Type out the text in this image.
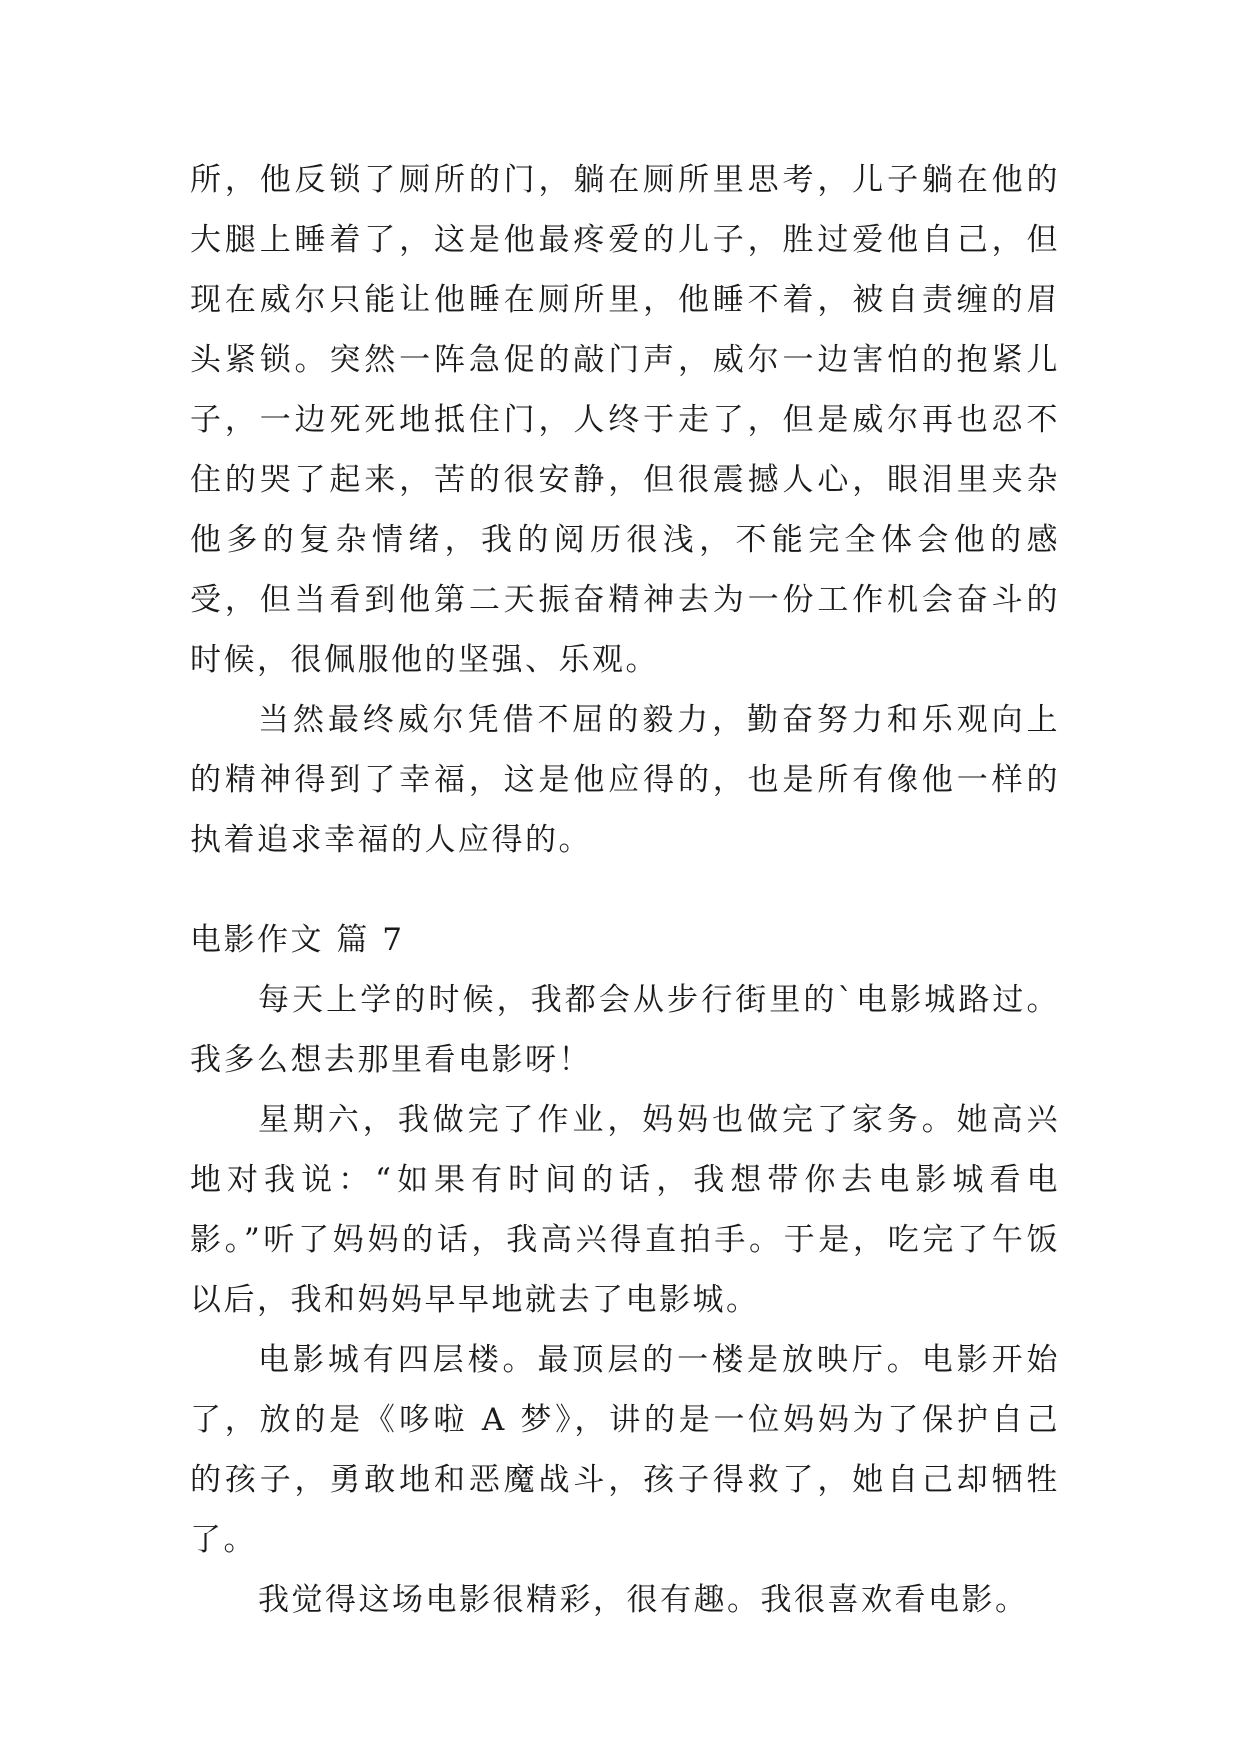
所，他反锁了厕所的门，躺在厕所里思考，儿子躺在他的大腿上睡着了，这是他最疼爱的儿子，胜过爱他自己，但现在威尔只能让他睡在厕所里，他睡不着，被自责缠的眉头紧锁。突然一阵急促的敲门声，威尔一边害怕的抱紧儿子，一边死死地抵住门，人终于走了，但是威尔再也忍不住的哭了起来，苦的很安静，但很震撼人心，眼泪里夹杂他多的复杂情绪，我的阅历很浅，不能完全体会他的感受，但当看到他第二天振奋精神去为一份工作机会奋斗的时候，很佩服他的坚强、乐观。

当然最终威尔凭借不屈的毅力，勤奋努力和乐观向上的精神得到了幸福，这是他应得的，也是所有像他一样的执着追求幸福的人应得的。

电影作文 篇 7

每天上学的时候，我都会从步行街里的`电影城路过。我多么想去那里看电影呀！

星期六，我做完了作业，妈妈也做完了家务。她高兴地对我说：“如果有时间的话，我想带你去电影城看电影。”听了妈妈的话，我高兴得直拍手。于是，吃完了午饭以后，我和妈妈早早地就去了电影城。

电影城有四层楼。最顶层的一楼是放映厅。电影开始了，放的是《哆啦 A 梦》，讲的是一位妈妈为了保护自己的孩子，勇敢地和恶魔战斗，孩子得救了，她自己却牺牲了。

我觉得这场电影很精彩，很有趣。我很喜欢看电影。
